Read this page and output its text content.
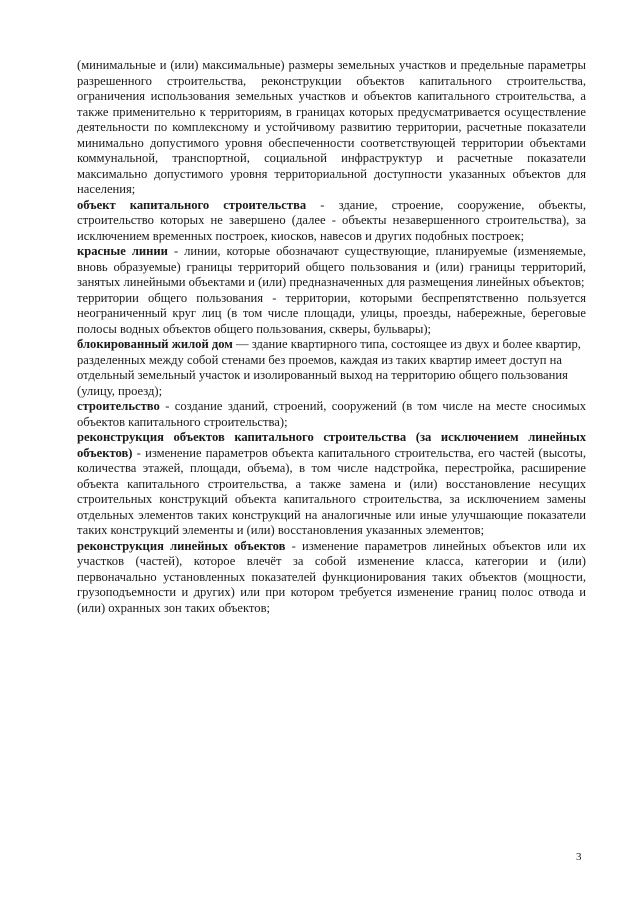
(минимальные и (или) максимальные) размеры земельных участков и предельные параметры разрешенного строительства, реконструкции объектов капитального строительства, ограничения использования земельных участков и объектов капитального строительства, а также применительно к территориям, в границах которых предусматривается осуществление деятельности по комплексному и устойчивому развитию территории, расчетные показатели минимально допустимого уровня обеспеченности соответствующей территории объектами коммунальной, транспортной, социальной инфраструктур и расчетные показатели максимально допустимого уровня территориальной доступности указанных объектов для населения;

объект капитального строительства - здание, строение, сооружение, объекты, строительство которых не завершено (далее - объекты незавершенного строительства), за исключением временных построек, киосков, навесов и других подобных построек;

красные линии - линии, которые обозначают существующие, планируемые (изменяемые, вновь образуемые) границы территорий общего пользования и (или) границы территорий, занятых линейными объектами и (или) предназначенных для размещения линейных объектов;

территории общего пользования - территории, которыми беспрепятственно пользуется неограниченный круг лиц (в том числе площади, улицы, проезды, набережные, береговые полосы водных объектов общего пользования, скверы, бульвары);

блокированный жилой дом — здание квартирного типа, состоящее из двух и более квартир, разделенных между собой стенами без проемов, каждая из таких квартир имеет доступ на отдельный земельный участок и изолированный выход на территорию общего пользования (улицу, проезд);

строительство - создание зданий, строений, сооружений (в том числе на месте сносимых объектов капитального строительства);

реконструкция объектов капитального строительства (за исключением линейных объектов) - изменение параметров объекта капитального строительства, его частей (высоты, количества этажей, площади, объема), в том числе надстройка, перестройка, расширение объекта капитального строительства, а также замена и (или) восстановление несущих строительных конструкций объекта капитального строительства, за исключением замены отдельных элементов таких конструкций на аналогичные или иные улучшающие показатели таких конструкций элементы и (или) восстановления указанных элементов;

реконструкция линейных объектов - изменение параметров линейных объектов или их участков (частей), которое влечёт за собой изменение класса, категории и (или) первоначально установленных показателей функционирования таких объектов (мощности, грузоподъемности и других) или при котором требуется изменение границ полос отвода и (или) охранных зон таких объектов;

3
